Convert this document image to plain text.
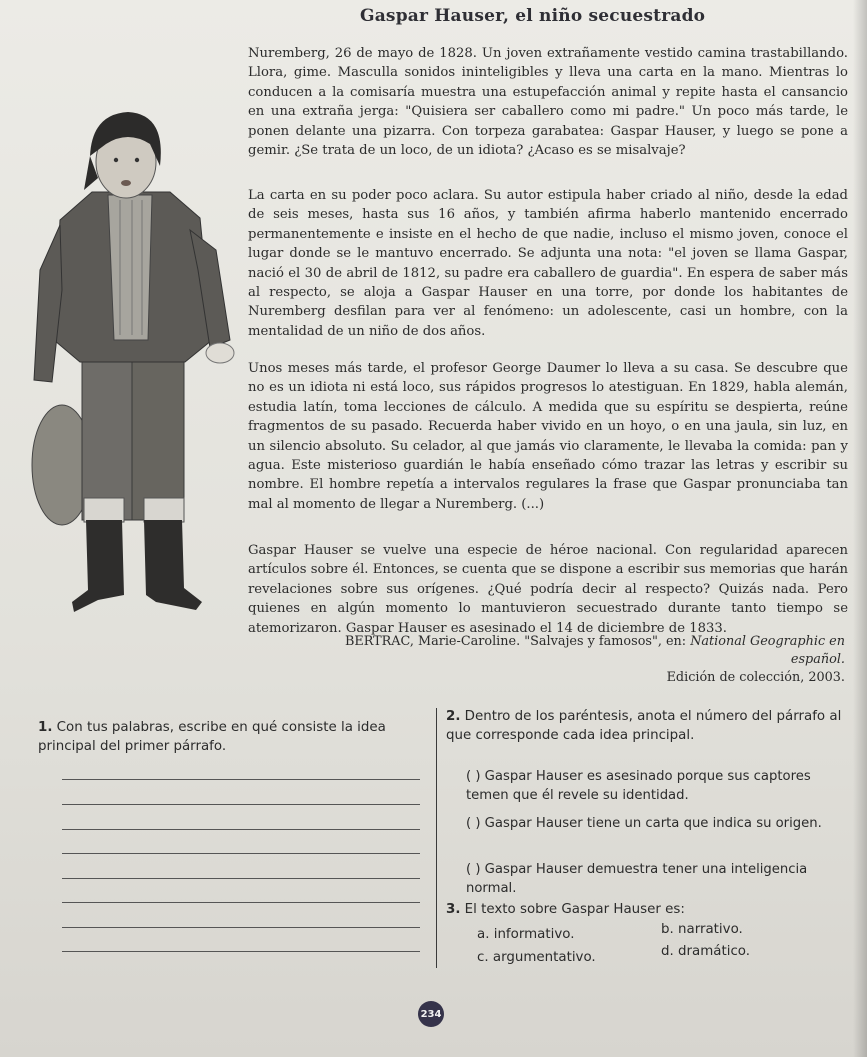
Gaspar Hauser, el niño secuestrado
Nuremberg, 26 de mayo de 1828. Un joven extrañamente vestido camina trastabillando. Llora, gime. Masculla sonidos ininteligibles y lleva una carta en la mano. Mientras lo conducen a la comisaría muestra una estupefacción animal y repite hasta el cansancio en una extraña jerga: "Quisiera ser caballero como mi padre." Un poco más tarde, le ponen delante una pizarra. Con torpeza garabatea: Gaspar Hauser, y luego se pone a gemir. ¿Se trata de un loco, de un idiota? ¿Acaso es se misalvaje?
La carta en su poder poco aclara. Su autor estipula haber criado al niño, desde la edad de seis meses, hasta sus 16 años, y también afirma haberlo mantenido encerrado permanentemente e insiste en el hecho de que nadie, incluso el mismo joven, conoce el lugar donde se le mantuvo encerrado. Se adjunta una nota: "el joven se llama Gaspar, nació el 30 de abril de 1812, su padre era caballero de guardia". En espera de saber más al respecto, se aloja a Gaspar Hauser en una torre, por donde los habitantes de Nuremberg desfilan para ver al fenómeno: un adolescente, casi un hombre, con la mentalidad de un niño de dos años.
Unos meses más tarde, el profesor George Daumer lo lleva a su casa. Se descubre que no es un idiota ni está loco, sus rápidos progresos lo atestiguan. En 1829, habla alemán, estudia latín, toma lecciones de cálculo. A medida que su espíritu se despierta, reúne fragmentos de su pasado. Recuerda haber vivido en un hoyo, o en una jaula, sin luz, en un silencio absoluto. Su celador, al que jamás vio claramente, le llevaba la comida: pan y agua. Este misterioso guardián le había enseñado cómo trazar las letras y escribir su nombre. El hombre repetía a intervalos regulares la frase que Gaspar pronunciaba tan mal al momento de llegar a Nuremberg. (...)
Gaspar Hauser se vuelve una especie de héroe nacional. Con regularidad aparecen artículos sobre él. Entonces, se cuenta que se dispone a escribir sus memorias que harán revelaciones sobre sus orígenes. ¿Qué podría decir al respecto? Quizás nada. Pero quienes en algún momento lo mantuvieron secuestrado durante tanto tiempo se atemorizaron. Gaspar Hauser es asesinado el 14 de diciembre de 1833.
BERTRAC, Marie-Caroline. "Salvajes y famosos", en: National Geographic en español.
Edición de colección, 2003.
1. Con tus palabras, escribe en qué consiste la idea principal del primer párrafo.
2. Dentro de los paréntesis, anota el número del párrafo al que corresponde cada idea principal.
( ) Gaspar Hauser es asesinado porque sus captores temen que él revele su identidad.
( ) Gaspar Hauser tiene un carta que indica su origen.
( ) Gaspar Hauser demuestra tener una inteligencia normal.
3. El texto sobre Gaspar Hauser es:
a. informativo.	b. narrativo.
c. argumentativo.	d. dramático.
234
